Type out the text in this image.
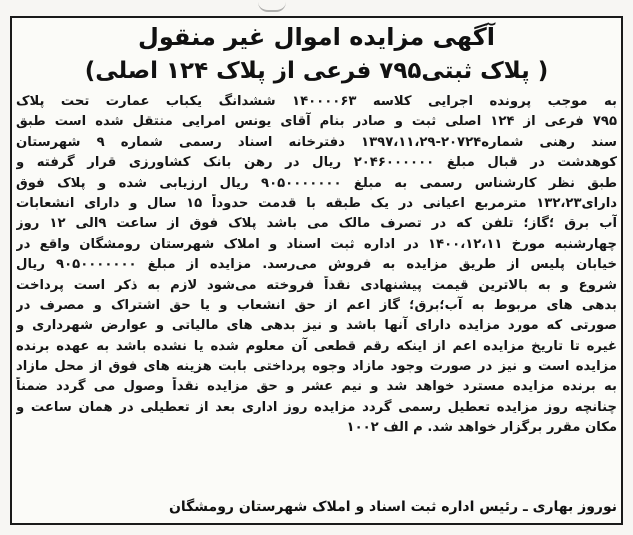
آگهی مزایده اموال غیر منقول
( پلاک ثبتی۷۹۵ فرعی از پلاک ۱۲۴ اصلی)
به موجب پرونده اجرایی کلاسه ۱۴۰۰۰۰۶۳ ششدانگ یکباب عمارت تحت پلاک
۷۹۵ فرعی از ۱۲۴ اصلی ثبت و صادر بنام آقای یونس امرایی منتقل شده است طبق
سند رهنی شماره۲۰۷۲۴-۱۳۹۷،۱۱،۲۹ دفترخانه اسناد رسمی شماره ۹ شهرستان
کوهدشت در قبال مبلغ ۲۰۴۶۰۰۰۰۰۰ ریال در رهن بانک کشاورزی قرار گرفته و
طبق نظر کارشناس رسمی به مبلغ ۹۰۵۰۰۰۰۰۰۰ ریال ارزیابی شده و پلاک فوق
دارای۱۳۲،۲۳ مترمربع اعیانی در یک طبقه با قدمت حدوداً ۱۵ سال و دارای انشعابات
آب برق ؛گاز؛ تلفن که در تصرف مالک می باشد پلاک فوق از ساعت ۹الی ۱۲ روز
چهارشنبه مورخ ۱۴۰۰،۱۲،۱۱ در اداره ثبت اسناد و املاک شهرستان رومشگان واقع در
خیابان پلیس از طریق مزایده به فروش می‌رسد. مزایده از مبلغ ۹۰۵۰۰۰۰۰۰۰ ریال
شروع و به بالاترین قیمت پیشنهادی نقداً فروخته می‌شود لازم به ذکر است پرداخت
بدهی های مربوط به آب؛برق؛ گاز اعم از حق انشعاب و یا حق اشتراک و مصرف در
صورتی که مورد مزایده دارای آنها باشد و نیز بدهی های مالیاتی و عوارض شهرداری و
غیره تا تاریخ مزایده اعم از اینکه رقم قطعی آن معلوم شده یا نشده باشد به عهده برنده
مزایده است و نیز در صورت وجود مازاد وجوه پرداختی بابت هزینه های فوق از محل مازاد
به برنده مزایده مسترد خواهد شد و نیم عشر و حق مزایده نقداً وصول می گردد ضمناً
چنانچه روز مزایده تعطیل رسمی گردد مزایده روز اداری بعد از تعطیلی در همان ساعت و
مکان مقرر برگزار خواهد شد. م الف ۱۰۰۲
نوروز بهاری ـ رئیس اداره ثبت اسناد و املاک شهرستان رومشگان
